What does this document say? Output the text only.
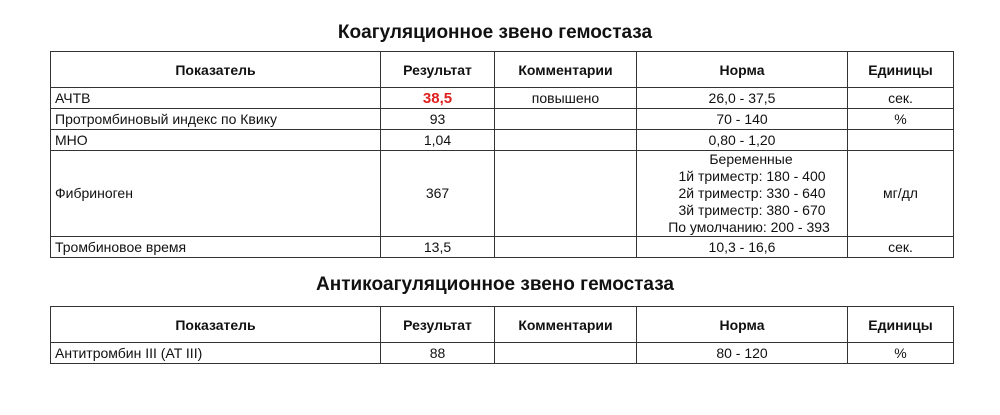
Коагуляционное звено гемостаза
Показатель	Результат	Комментарии	Норма	Единицы
АЧТВ	38,5	повышено	26,0 - 37,5	сек.
Протромбиновый индекс по Квику	93		70 - 140	%
МНО	1,04		0,80 - 1,20	
Фибриноген	367		Беременные
1й триместр: 180 - 400
2й триместр: 330 - 640
3й триместр: 380 - 670
По умолчанию: 200 - 393	мг/дл
Тромбиновое время	13,5		10,3 - 16,6	сек.
Антикоагуляционное звено гемостаза
Показатель	Результат	Комментарии	Норма	Единицы
Антитромбин III (AT III)	88		80 - 120	%
